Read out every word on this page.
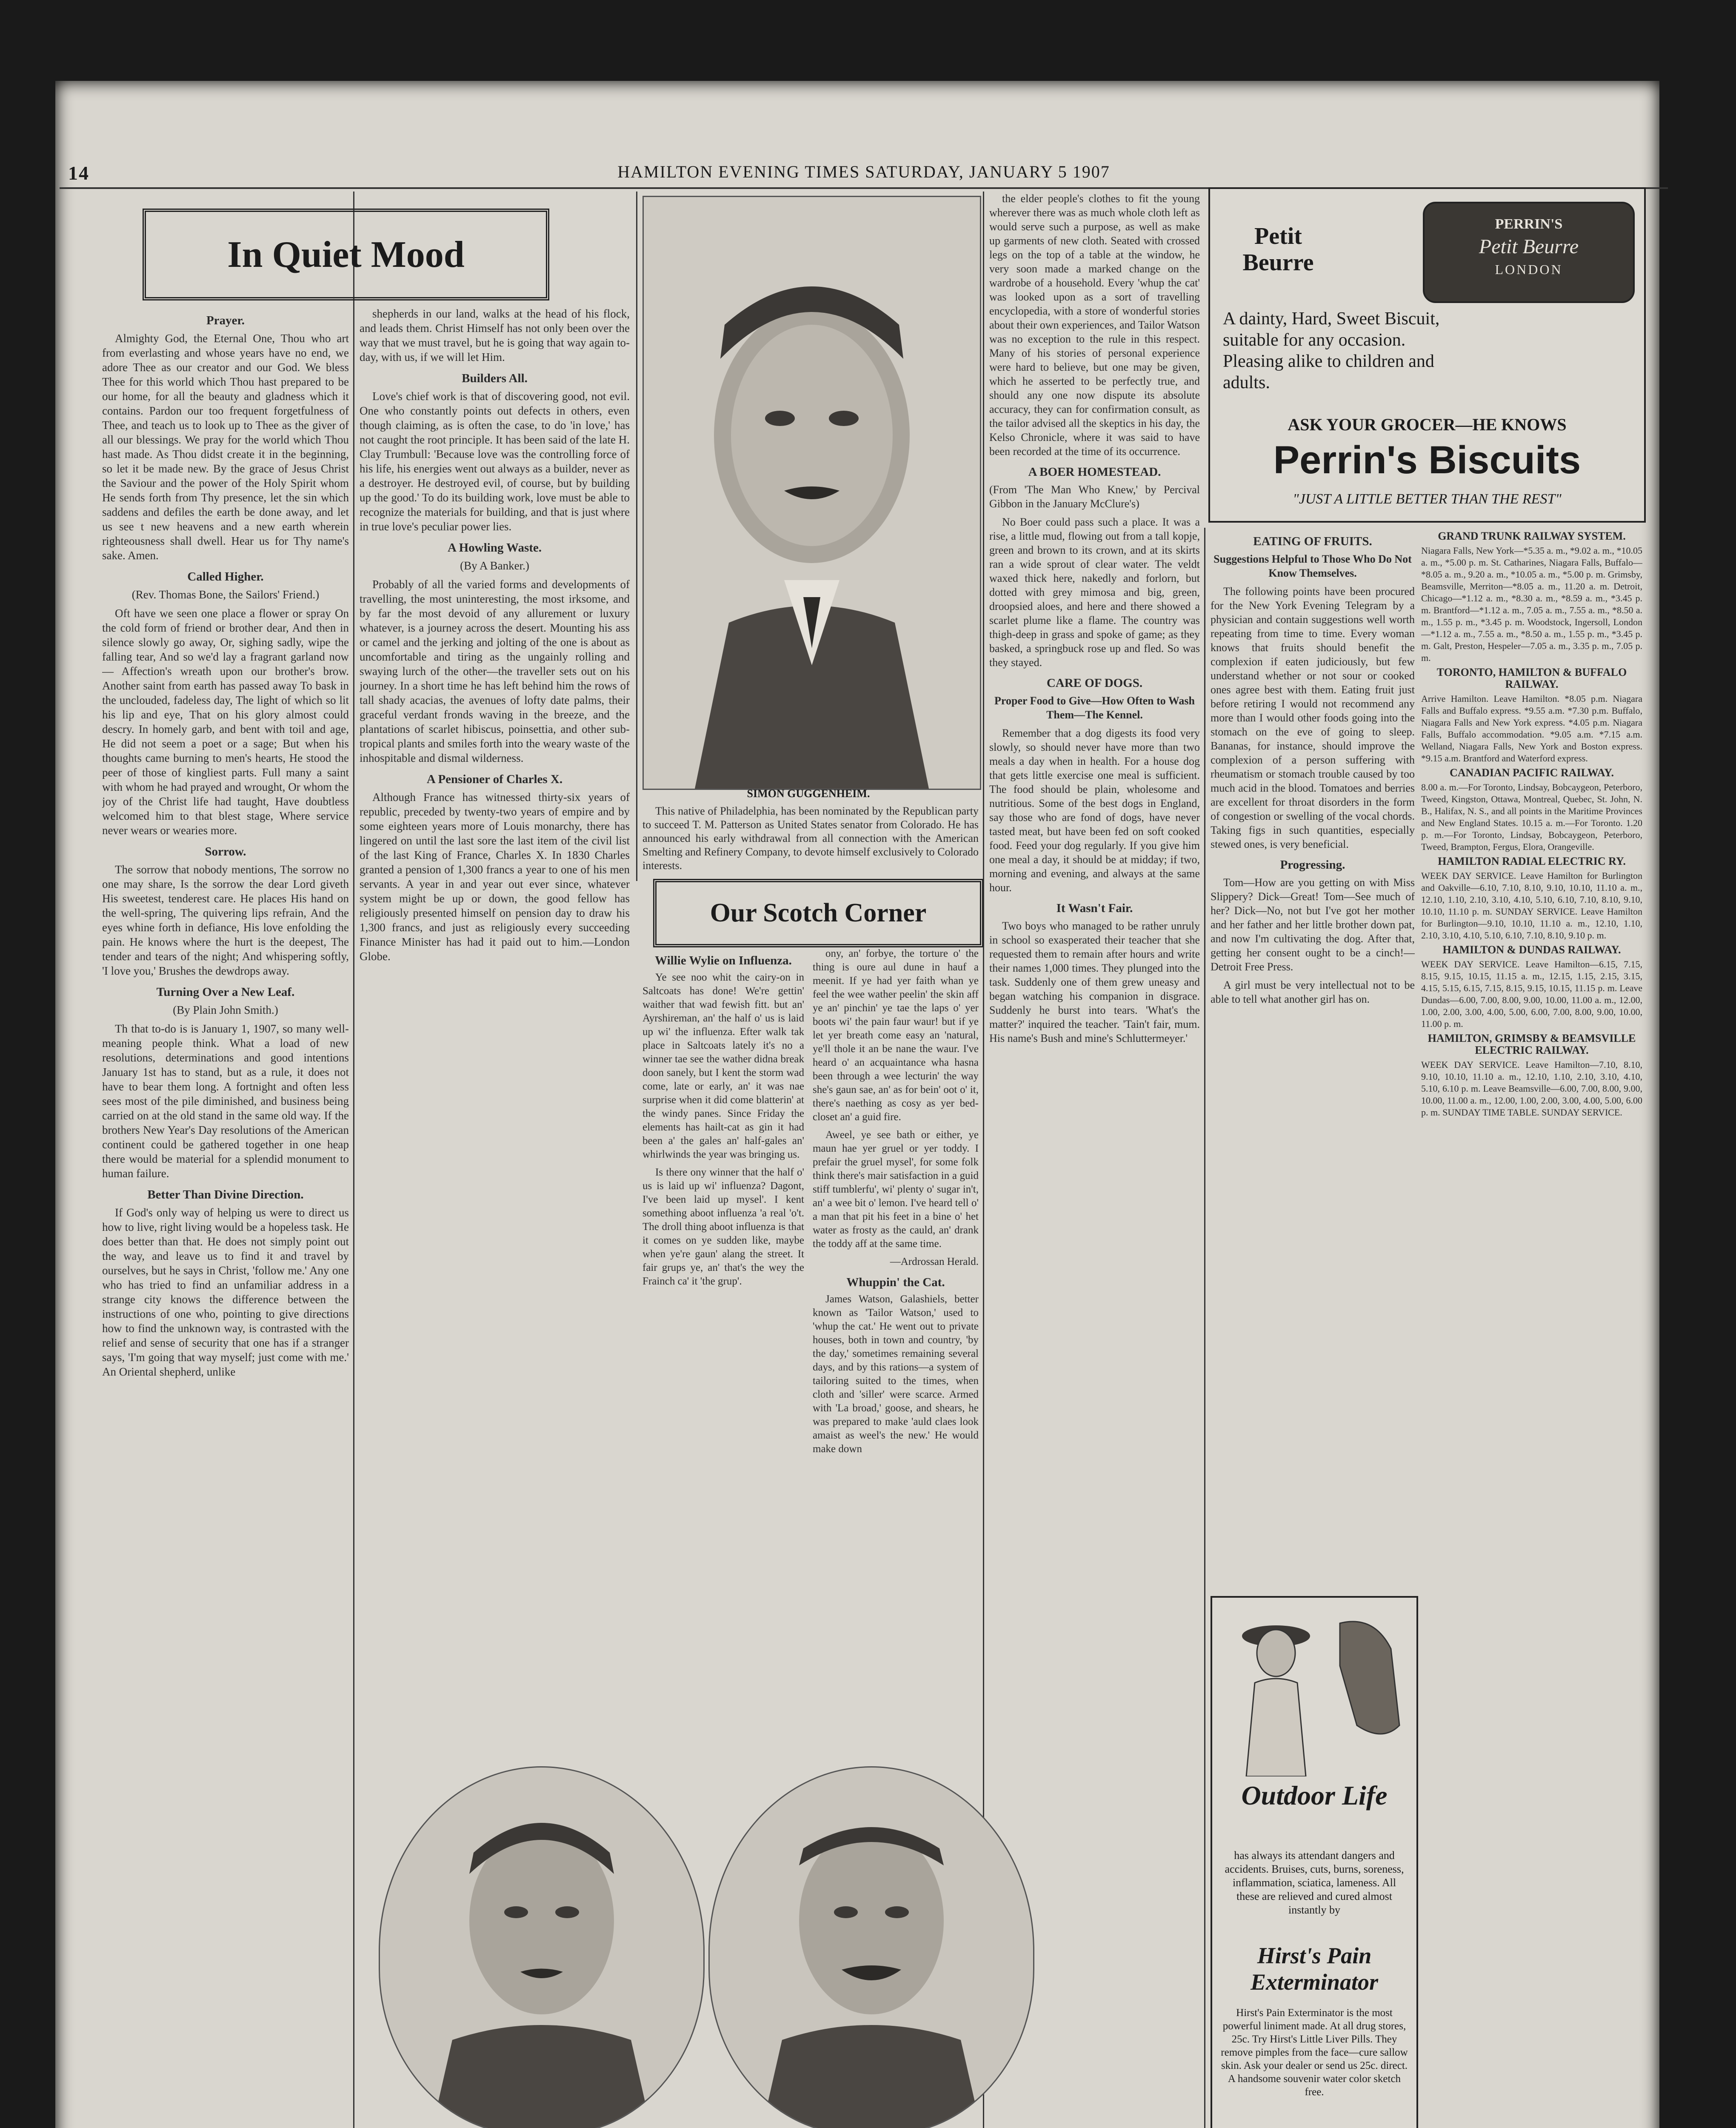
14	HAMILTON EVENING TIMES SATURDAY, JANUARY 5 1907
In Quiet Mood
Prayer.

Almighty God, the Eternal One, Thou who art from everlasting and whose years have no end, we adore Thee as our creator and our God. We bless Thee for this world which Thou hast prepared to be our home, for all the beauty and gladness which it contains. Pardon our too frequent forgetfulness of Thee, and teach us to look up to Thee as the giver of all our blessings. We pray for the world which Thou hast made. As Thou didst create it in the beginning, so let it be made new. By the grace of Jesus Christ the Saviour and the power of the Holy Spirit whom He sends forth from Thy presence, let the sin which saddens and defiles the earth be done away, and let us see t new heavens and a new earth wherein righteousness shall dwell. Hear us for Thy name's sake. Amen.

Called Higher.

(Rev. Thomas Bone, the Sailors' Friend.)

Oft have we seen one place a flower or spray On the cold form of friend or brother dear, And then in silence slowly go away, Or, sighing sadly, wipe the falling tear, And so we'd lay a fragrant garland now— Affection's wreath upon our brother's brow. Another saint from earth has passed away To bask in the unclouded, fadeless day, The light of which so lit his lip and eye, That on his glory almost could descry. In homely garb, and bent with toil and age, He did not seem a poet or a sage; But when his thoughts came burning to men's hearts, He stood the peer of those of kingliest parts. Full many a saint with whom he had prayed and wrought, Or whom the joy of the Christ life had taught, Have doubtless welcomed him to that blest stage, Where service never wears or wearies more.

Sorrow.

The sorrow that nobody mentions, The sorrow no one may share, Is the sorrow the dear Lord giveth His sweetest, tenderest care. He places His hand on the well-spring, The quivering lips refrain, And the eyes whine forth in defiance, His love enfolding the pain. He knows where the hurt is the deepest, The tender and tears of the night; And whispering softly, 'I love you,' Brushes the dewdrops away.

Turning Over a New Leaf.

(By Plain John Smith.)

Th that to-do is is January 1, 1907, so many well-meaning people think. What a load of new resolutions, determinations and good intentions January 1st has to stand, but as a rule, it does not have to bear them long. A fortnight and often less sees most of the pile diminished, and business being carried on at the old stand in the same old way. If the brothers New Year's Day resolutions of the American continent could be gathered together in one heap there would be material for a splendid monument to human failure.

Better Than Divine Direction.

If God's only way of helping us were to direct us how to live, right living would be a hopeless task. He does better than that. He does not simply point out the way, and leave us to find it and travel by ourselves, but he says in Christ, 'follow me.' Any one who has tried to find an unfamiliar address in a strange city knows the difference between the instructions of one who, pointing to give directions how to find the unknown way, is contrasted with the relief and sense of security that one has if a stranger says, 'I'm going that way myself; just come with me.' An Oriental shepherd, unlike

shepherds in our land, walks at the head of his flock, and leads them. Christ Himself has not only been over the way that we must travel, but he is going that way again to-day, with us, if we will let Him.

Builders All.

Love's chief work is that of discovering good, not evil. One who constantly points out defects in others, even though claiming, as is often the case, to do 'in love,' has not caught the root principle. It has been said of the late H. Clay Trumbull: 'Because love was the controlling force of his life, his energies went out always as a builder, never as a destroyer. He destroyed evil, of course, but by building up the good.' To do its building work, love must be able to recognize the materials for building, and that is just where in true love's peculiar power lies.

A Howling Waste.

(By A Banker.)

Probably of all the varied forms and developments of travelling, the most uninteresting, the most irksome, and by far the most devoid of any allurement or luxury whatever, is a journey across the desert. Mounting his ass or camel and the jerking and jolting of the one is about as uncomfortable and tiring as the ungainly rolling and swaying lurch of the other—the traveller sets out on his journey. In a short time he has left behind him the rows of tall shady acacias, the avenues of lofty date palms, their graceful verdant fronds waving in the breeze, and the plantations of scarlet hibiscus, poinsettia, and other sub-tropical plants and smiles forth into the weary waste of the inhospitable and dismal wilderness.

A Pensioner of Charles X.

Although France has witnessed thirty-six years of republic, preceded by twenty-two years of empire and by some eighteen years more of Louis monarchy, there has lingered on until the last sore the last item of the civil list of the last King of France, Charles X. In 1830 Charles granted a pension of 1,300 francs a year to one of his men servants. A year in and year out ever since, whatever system might be up or down, the good fellow has religiously presented himself on pension day to draw his 1,300 francs, and just as religiously every succeeding Finance Minister has had it paid out to him.—London Globe.

SIMON GUGGENHEIM.

This native of Philadelphia, has been nominated by the Republican party to succeed T. M. Patterson as United States senator from Colorado. He has announced his early withdrawal from all connection with the American Smelting and Refinery Company, to devote himself exclusively to Colorado interests.

Our Scotch Corner
Willie Wylie on Influenza.

Ye see noo whit the cairy-on in Saltcoats has done! We're gettin' waither that wad fewish fitt. but an' Ayrshireman, an' the half o' us is laid up wi' the influenza. Efter walk tak place in Saltcoats lately it's no a winner tae see the wather didna break doon sanely, but I kent the storm wad come, late or early, an' it was nae surprise when it did come blatterin' at the windy panes. Since Friday the elements has hailt-cat as gin it had been a' the gales an' half-gales an' whirlwinds the year was bringing us.

Is there ony winner that the half o' us is laid up wi' influenza? Dagont, I've been laid up mysel'. I kent something aboot influenza 'a real 'o't. The droll thing aboot influenza is that it comes on ye sudden like, maybe when ye're gaun' alang the street. It fair grups ye, an' that's the wey the Frainch ca' it 'the grup'.

ony, an' forbye, the torture o' the thing is oure aul dune in hauf a meenit. If ye had yer faith whan ye feel the wee wather peelin' the skin aff ye an' pinchin' ye tae the laps o' yer boots wi' the pain faur waur! but if ye let yer breath come easy an 'natural, ye'll thole it an be nane the waur. I've heard o' an acquaintance wha hasna been through a wee lecturin' the way she's gaun sae, an' as for bein' oot o' it, there's naething as cosy as yer bed-closet an' a guid fire.

Aweel, ye see bath or either, ye maun hae yer gruel or yer toddy. I prefair the gruel mysel', for some folk think there's mair satisfaction in a guid stiff tumblerfu', wi' plenty o' sugar in't, an' a wee bit o' lemon. I've heard tell o' a man that pit his feet in a bine o' het water as frosty as the cauld, an' drank the toddy aff at the same time.

—Ardrossan Herald.

Whuppin' the Cat.

James Watson, Galashiels, better known as 'Tailor Watson,' used to 'whup the cat.' He went out to private houses, both in town and country, 'by the day,' sometimes remaining several days, and by this rations—a system of tailoring suited to the times, when cloth and 'siller' were scarce. Armed with 'La broad,' goose, and shears, he was prepared to make 'auld claes look amaist as weel's the new.' He would make down

the elder people's clothes to fit the young wherever there was as much whole cloth left as would serve such a purpose, as well as make up garments of new cloth. Seated with crossed legs on the top of a table at the window, he very soon made a marked change on the wardrobe of a household. Every 'whup the cat' was looked upon as a sort of travelling encyclopedia, with a store of wonderful stories about their own experiences, and Tailor Watson was no exception to the rule in this respect. Many of his stories of personal experience were hard to believe, but one may be given, which he asserted to be perfectly true, and should any one now dispute its absolute accuracy, they can for confirmation consult, as the tailor advised all the skeptics in his day, the Kelso Chronicle, where it was said to have been recorded at the time of its occurrence.

A BOER HOMESTEAD.

(From 'The Man Who Knew,' by Percival Gibbon in the January McClure's)

No Boer could pass such a place. It was a rise, a little mud, flowing out from a tall kopje, green and brown to its crown, and at its skirts ran a wide sprout of clear water. The veldt waxed thick here, nakedly and forlorn, but dotted with grey mimosa and big, green, droopsied aloes, and here and there showed a scarlet plume like a flame. The country was thigh-deep in grass and spoke of game; as they basked, a springbuck rose up and fled. So was they stayed.

CARE OF DOGS.

Proper Food to Give—How Often to Wash Them—The Kennel.

Remember that a dog digests its food very slowly, so should never have more than two meals a day when in health. For a house dog that gets little exercise one meal is sufficient. The food should be plain, wholesome and nutritious. Some of the best dogs in England, say those who are fond of dogs, have never tasted meat, but have been fed on soft cooked food. Feed your dog regularly. If you give him one meal a day, it should be at midday; if two, morning and evening, and always at the same hour.

It Wasn't Fair.

Two boys who managed to be rather unruly in school so exasperated their teacher that she requested them to remain after hours and write their names 1,000 times. They plunged into the task. Suddenly one of them grew uneasy and began watching his companion in disgrace. Suddenly he burst into tears. 'What's the matter?' inquired the teacher. 'Tain't fair, mum. His name's Bush and mine's Schluttermeyer.'

Petit Beurre
PERRIN'S
Petit Beurre
LONDON
A dainty, Hard, Sweet Biscuit, suitable for any occasion. Pleasing alike to children and adults.
ASK YOUR GROCER—HE KNOWS
Perrin's Biscuits
"JUST A LITTLE BETTER THAN THE REST"
EATING OF FRUITS.

Suggestions Helpful to Those Who Do Not Know Themselves.

The following points have been procured for the New York Evening Telegram by a physician and contain suggestions well worth repeating from time to time. Every woman knows that fruits should benefit the complexion if eaten judiciously, but few understand whether or not sour or cooked ones agree best with them. Eating fruit just before retiring I would not recommend any more than I would other foods going into the stomach on the eve of going to sleep. Bananas, for instance, should improve the complexion of a person suffering with rheumatism or stomach trouble caused by too much acid in the blood. Tomatoes and berries are excellent for throat disorders in the form of congestion or swelling of the vocal chords. Taking figs in such quantities, especially stewed ones, is very beneficial.

Progressing.

Tom—How are you getting on with Miss Slippery? Dick—Great! Tom—See much of her? Dick—No, not but I've got her mother and her father and her little brother down pat, and now I'm cultivating the dog. After that, getting her consent ought to be a cinch!—Detroit Free Press.

A girl must be very intellectual not to be able to tell what another girl has on.

Outdoor Life
has always its attendant dangers and accidents. Bruises, cuts, burns, soreness, inflammation, sciatica, lameness. All these are relieved and cured almost instantly by
Hirst's Pain Exterminator
Hirst's Pain Exterminator is the most powerful liniment made. At all drug stores, 25c. Try Hirst's Little Liver Pills. They remove pimples from the face—cure sallow skin. Ask your dealer or send us 25c. direct. A handsome souvenir water color sketch free.
GRAND TRUNK RAILWAY SYSTEM.

Niagara Falls, New York—*5.35 a. m., *9.02 a. m., *10.05 a. m., *5.00 p. m. St. Catharines, Niagara Falls, Buffalo—*8.05 a. m., 9.20 a. m., *10.05 a. m., *5.00 p. m. Grimsby, Beamsville, Merriton—*8.05 a. m., 11.20 a. m. Detroit, Chicago—*1.12 a. m., *8.30 a. m., *8.59 a. m., *3.45 p. m. Brantford—*1.12 a. m., 7.05 a. m., 7.55 a. m., *8.50 a. m., 1.55 p. m., *3.45 p. m. Woodstock, Ingersoll, London—*1.12 a. m., 7.55 a. m., *8.50 a. m., 1.55 p. m., *3.45 p. m. Galt, Preston, Hespeler—7.05 a. m., 3.35 p. m., 7.05 p. m.

TORONTO, HAMILTON & BUFFALO RAILWAY.

Arrive Hamilton. Leave Hamilton. *8.05 p.m. Niagara Falls and Buffalo express. *9.55 a.m. *7.30 p.m. Buffalo, Niagara Falls and New York express. *4.05 p.m. Niagara Falls, Buffalo accommodation. *9.05 a.m. *7.15 a.m. Welland, Niagara Falls, New York and Boston express. *9.15 a.m. Brantford and Waterford express.

CANADIAN PACIFIC RAILWAY.

8.00 a. m.—For Toronto, Lindsay, Bobcaygeon, Peterboro, Tweed, Kingston, Ottawa, Montreal, Quebec, St. John, N. B., Halifax, N. S., and all points in the Maritime Provinces and New England States. 10.15 a. m.—For Toronto. 1.20 p. m.—For Toronto, Lindsay, Bobcaygeon, Peterboro, Tweed, Brampton, Fergus, Elora, Orangeville.

HAMILTON RADIAL ELECTRIC RY.

WEEK DAY SERVICE. Leave Hamilton for Burlington and Oakville—6.10, 7.10, 8.10, 9.10, 10.10, 11.10 a. m., 12.10, 1.10, 2.10, 3.10, 4.10, 5.10, 6.10, 7.10, 8.10, 9.10, 10.10, 11.10 p. m. SUNDAY SERVICE. Leave Hamilton for Burlington—9.10, 10.10, 11.10 a. m., 12.10, 1.10, 2.10, 3.10, 4.10, 5.10, 6.10, 7.10, 8.10, 9.10 p. m.

HAMILTON & DUNDAS RAILWAY.

WEEK DAY SERVICE. Leave Hamilton—6.15, 7.15, 8.15, 9.15, 10.15, 11.15 a. m., 12.15, 1.15, 2.15, 3.15, 4.15, 5.15, 6.15, 7.15, 8.15, 9.15, 10.15, 11.15 p. m. Leave Dundas—6.00, 7.00, 8.00, 9.00, 10.00, 11.00 a. m., 12.00, 1.00, 2.00, 3.00, 4.00, 5.00, 6.00, 7.00, 8.00, 9.00, 10.00, 11.00 p. m.

HAMILTON, GRIMSBY & BEAMSVILLE ELECTRIC RAILWAY.

WEEK DAY SERVICE. Leave Hamilton—7.10, 8.10, 9.10, 10.10, 11.10 a. m., 12.10, 1.10, 2.10, 3.10, 4.10, 5.10, 6.10 p. m. Leave Beamsville—6.00, 7.00, 8.00, 9.00, 10.00, 11.00 a. m., 12.00, 1.00, 2.00, 3.00, 4.00, 5.00, 6.00 p. m. SUNDAY TIME TABLE. SUNDAY SERVICE.
